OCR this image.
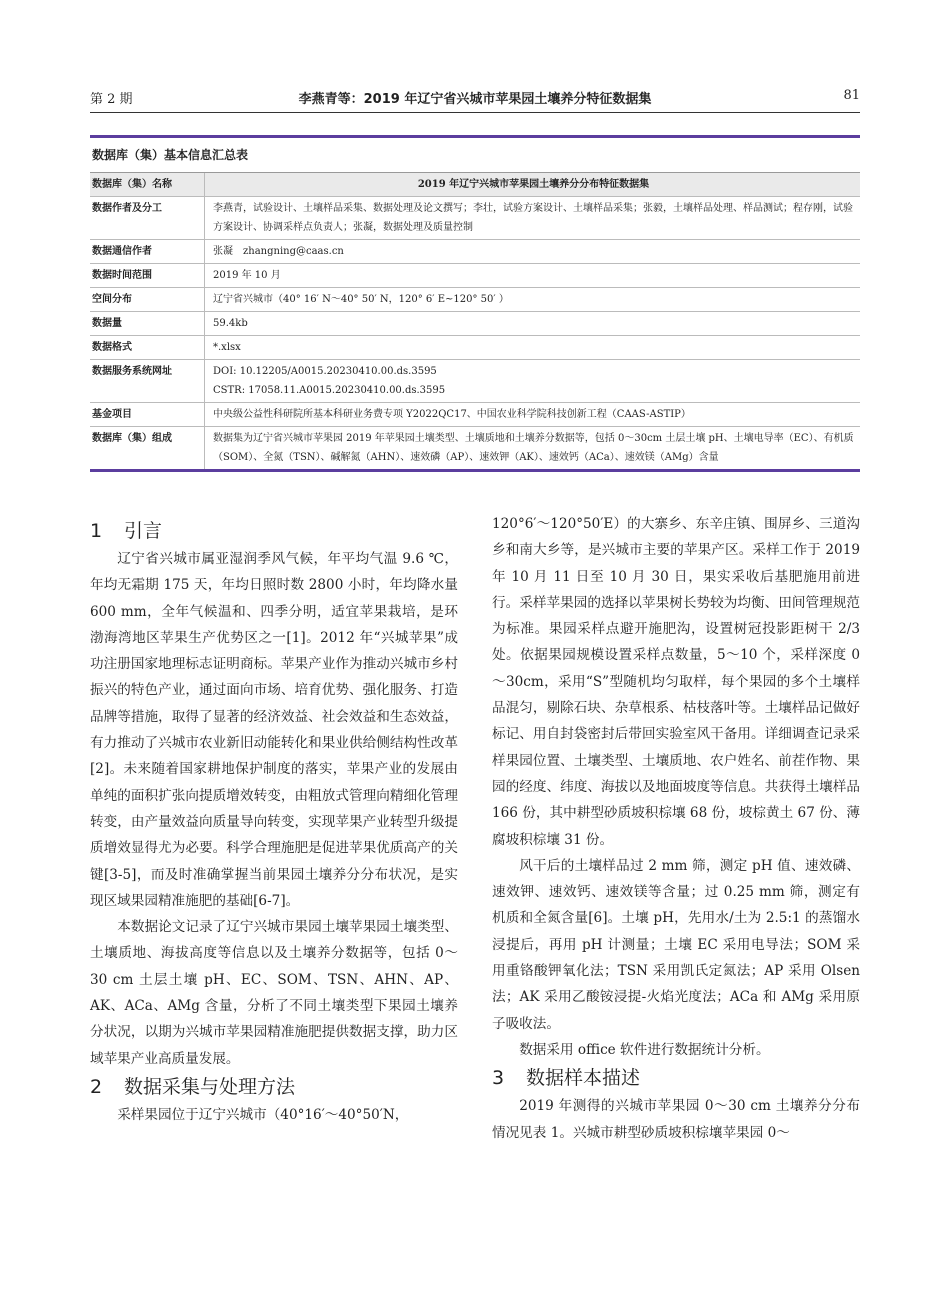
第 2 期	李燕青等：2019 年辽宁省兴城市苹果园土壤养分特征数据集	81
数据库（集）基本信息汇总表
数据库（集）名称	2019 年辽宁兴城市苹果园土壤养分分布特征数据集
数据作者及分工	李燕青，试验设计、土壤样品采集、数据处理及论文撰写；李壮，试验方案设计、土壤样品采集；张毅，土壤样品处理、样品测试；程存刚，试验方案设计、协调采样点负责人；张凝，数据处理及质量控制
数据通信作者	张凝　zhangning@caas.cn
数据时间范围	2019 年 10 月
空间分布	辽宁省兴城市（40° 16′ N～40° 50′ N，120° 6′ E~120° 50′ ）
数据量	59.4kb
数据格式	*.xlsx
数据服务系统网址	DOI: 10.12205/A0015.20230410.00.ds.3595
CSTR: 17058.11.A0015.20230410.00.ds.3595
基金项目	中央级公益性科研院所基本科研业务费专项 Y2022QC17、中国农业科学院科技创新工程（CAAS-ASTIP）
数据库（集）组成	数据集为辽宁省兴城市苹果园 2019 年苹果园土壤类型、土壤质地和土壤养分数据等，包括 0～30cm 土层土壤 pH、土壤电导率（EC）、有机质（SOM）、全氮（TSN）、碱解氮（AHN）、速效磷（AP）、速效钾（AK）、速效钙（ACa）、速效镁（AMg）含量

1 引言

辽宁省兴城市属亚湿润季风气候，年平均气温 9.6 ℃，年均无霜期 175 天，年均日照时数 2800 小时，年均降水量 600 mm，全年气候温和、四季分明，适宜苹果栽培，是环渤海湾地区苹果生产优势区之一[1]。2012 年“兴城苹果”成功注册国家地理标志证明商标。苹果产业作为推动兴城市乡村振兴的特色产业，通过面向市场、培育优势、强化服务、打造品牌等措施，取得了显著的经济效益、社会效益和生态效益，有力推动了兴城市农业新旧动能转化和果业供给侧结构性改革[2]。未来随着国家耕地保护制度的落实，苹果产业的发展由单纯的面积扩张向提质增效转变，由粗放式管理向精细化管理转变，由产量效益向质量导向转变，实现苹果产业转型升级提质增效显得尤为必要。科学合理施肥是促进苹果优质高产的关键[3-5]，而及时准确掌握当前果园土壤养分分布状况，是实现区域果园精准施肥的基础[6-7]。

本数据论文记录了辽宁兴城市果园土壤苹果园土壤类型、土壤质地、海拔高度等信息以及土壤养分数据等，包括 0～30 cm 土层土壤 pH、EC、SOM、TSN、AHN、AP、AK、ACa、AMg 含量，分析了不同土壤类型下果园土壤养分状况，以期为兴城市苹果园精准施肥提供数据支撑，助力区域苹果产业高质量发展。

2 数据采集与处理方法

采样果园位于辽宁兴城市（40°16′～40°50′N，

120°6′～120°50′E）的大寨乡、东辛庄镇、围屏乡、三道沟乡和南大乡等，是兴城市主要的苹果产区。采样工作于 2019 年 10 月 11 日至 10 月 30 日，果实采收后基肥施用前进行。采样苹果园的选择以苹果树长势较为均衡、田间管理规范为标准。果园采样点避开施肥沟，设置树冠投影距树干 2/3 处。依据果园规模设置采样点数量，5～10 个，采样深度 0～30cm，采用“S”型随机均匀取样，每个果园的多个土壤样品混匀，剔除石块、杂草根系、枯枝落叶等。土壤样品记做好标记、用自封袋密封后带回实验室风干备用。详细调查记录采样果园位置、土壤类型、土壤质地、农户姓名、前茬作物、果园的经度、纬度、海拔以及地面坡度等信息。共获得土壤样品 166 份，其中耕型砂质坡积棕壤 68 份，坡棕黄土 67 份、薄腐坡积棕壤 31 份。

风干后的土壤样品过 2 mm 筛，测定 pH 值、速效磷、速效钾、速效钙、速效镁等含量；过 0.25 mm 筛，测定有机质和全氮含量[6]。土壤 pH，先用水/土为 2.5:1 的蒸馏水浸提后，再用 pH 计测量；土壤 EC 采用电导法；SOM 采用重铬酸钾氧化法；TSN 采用凯氏定氮法；AP 采用 Olsen 法；AK 采用乙酸铵浸提-火焰光度法；ACa 和 AMg 采用原子吸收法。

数据采用 office 软件进行数据统计分析。

3 数据样本描述

2019 年测得的兴城市苹果园 0～30 cm 土壤养分分布情况见表 1。兴城市耕型砂质坡积棕壤苹果园 0～
